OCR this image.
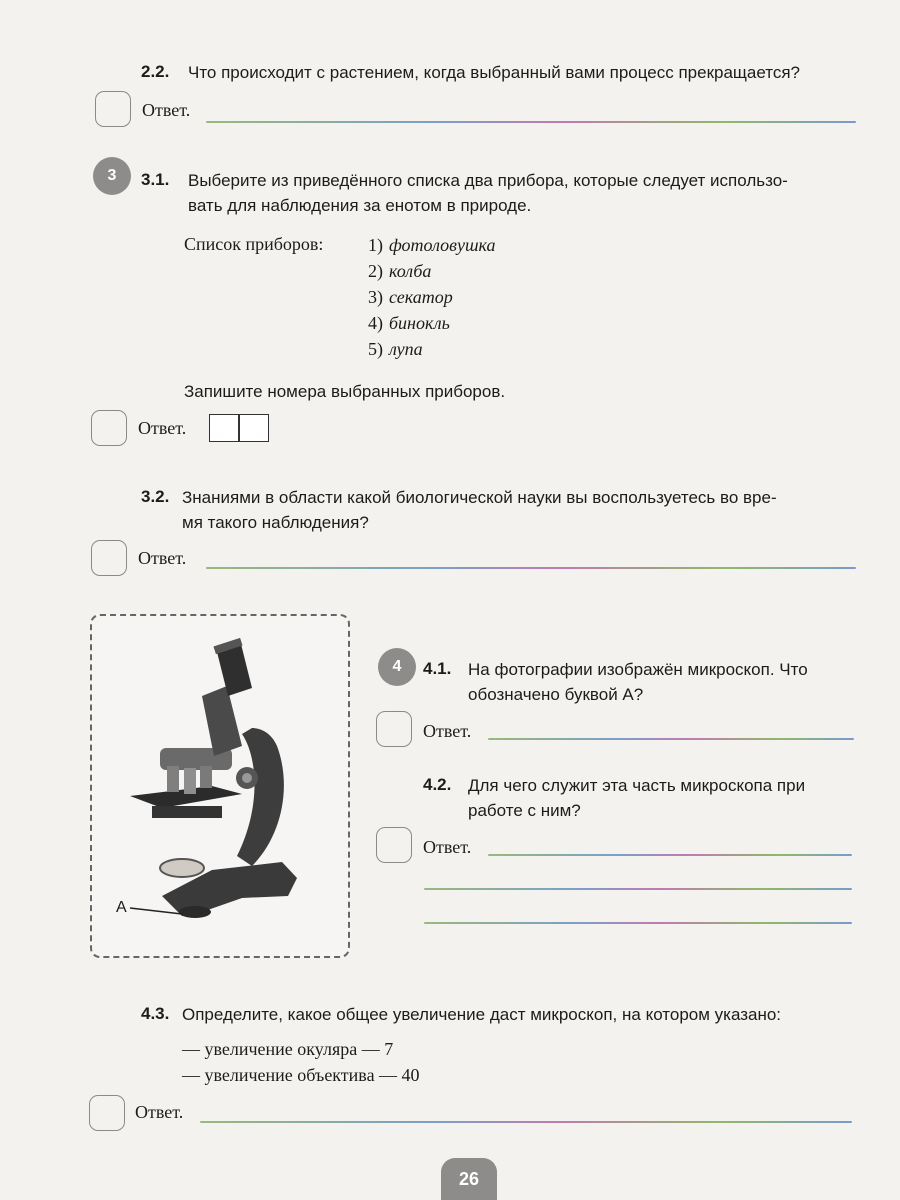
2.2. Что происходит с растением, когда выбранный вами процесс прекращается?
Ответ.
3	3.1. Выберите из приведённого списка два прибора, которые следует использо-
вать для наблюдения за енотом в природе.
Список приборов: 1) фотоловушка
2) колба
3) секатор
4) бинокль
5) лупа
Запишите номера выбранных приборов.
Ответ.
3.2. Знаниями в области какой биологической науки вы воспользуетесь во вре-
мя такого наблюдения?
Ответ.
А
4	4.1. На фотографии изображён микроскоп. Что
обозначено буквой А?
Ответ.
4.2. Для чего служит эта часть микроскопа при
работе с ним?
Ответ.
4.3. Определите, какое общее увеличение даст микроскоп, на котором указано:
— увеличение окуляра — 7
— увеличение объектива — 40
Ответ.
26
